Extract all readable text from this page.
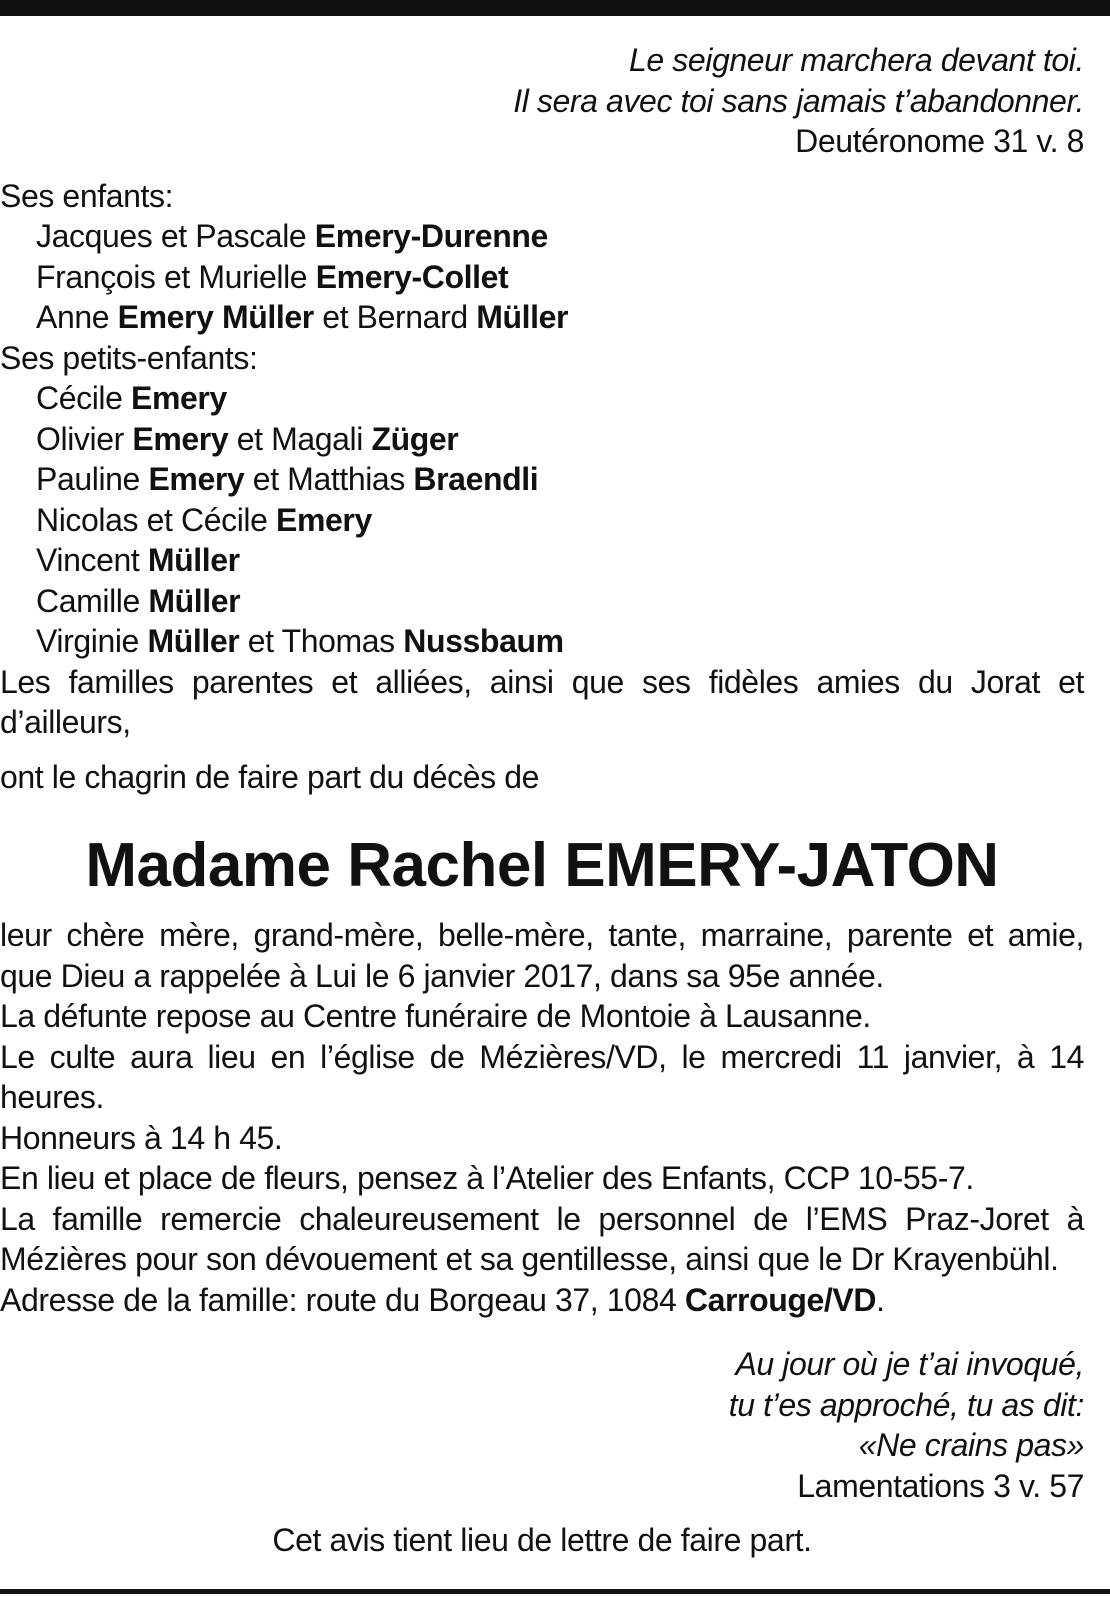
Le seigneur marchera devant toi.
Il sera avec toi sans jamais t’abandonner.
Deutéronome 31 v. 8
Ses enfants:
Jacques et Pascale Emery-Durenne
François et Murielle Emery-Collet
Anne Emery Müller et Bernard Müller
Ses petits-enfants:
Cécile Emery
Olivier Emery et Magali Züger
Pauline Emery et Matthias Braendli
Nicolas et Cécile Emery
Vincent Müller
Camille Müller
Virginie Müller et Thomas Nussbaum
Les familles parentes et alliées, ainsi que ses fidèles amies du Jorat et d’ailleurs,
ont le chagrin de faire part du décès de
Madame Rachel EMERY-JATON
leur chère mère, grand-mère, belle-mère, tante, marraine, parente et amie, que Dieu a rappelée à Lui le 6 janvier 2017, dans sa 95e année.
La défunte repose au Centre funéraire de Montoie à Lausanne.
Le culte aura lieu en l’église de Mézières/VD, le mercredi 11 janvier, à 14 heures.
Honneurs à 14 h 45.
En lieu et place de fleurs, pensez à l’Atelier des Enfants, CCP 10-55-7.
La famille remercie chaleureusement le personnel de l’EMS Praz-Joret à Mézières pour son dévouement et sa gentillesse, ainsi que le Dr Krayenbühl.
Adresse de la famille: route du Borgeau 37, 1084 Carrouge/VD.
Au jour où je t’ai invoqué,
tu t’es approché, tu as dit:
«Ne crains pas»
Lamentations 3 v. 57
Cet avis tient lieu de lettre de faire part.
